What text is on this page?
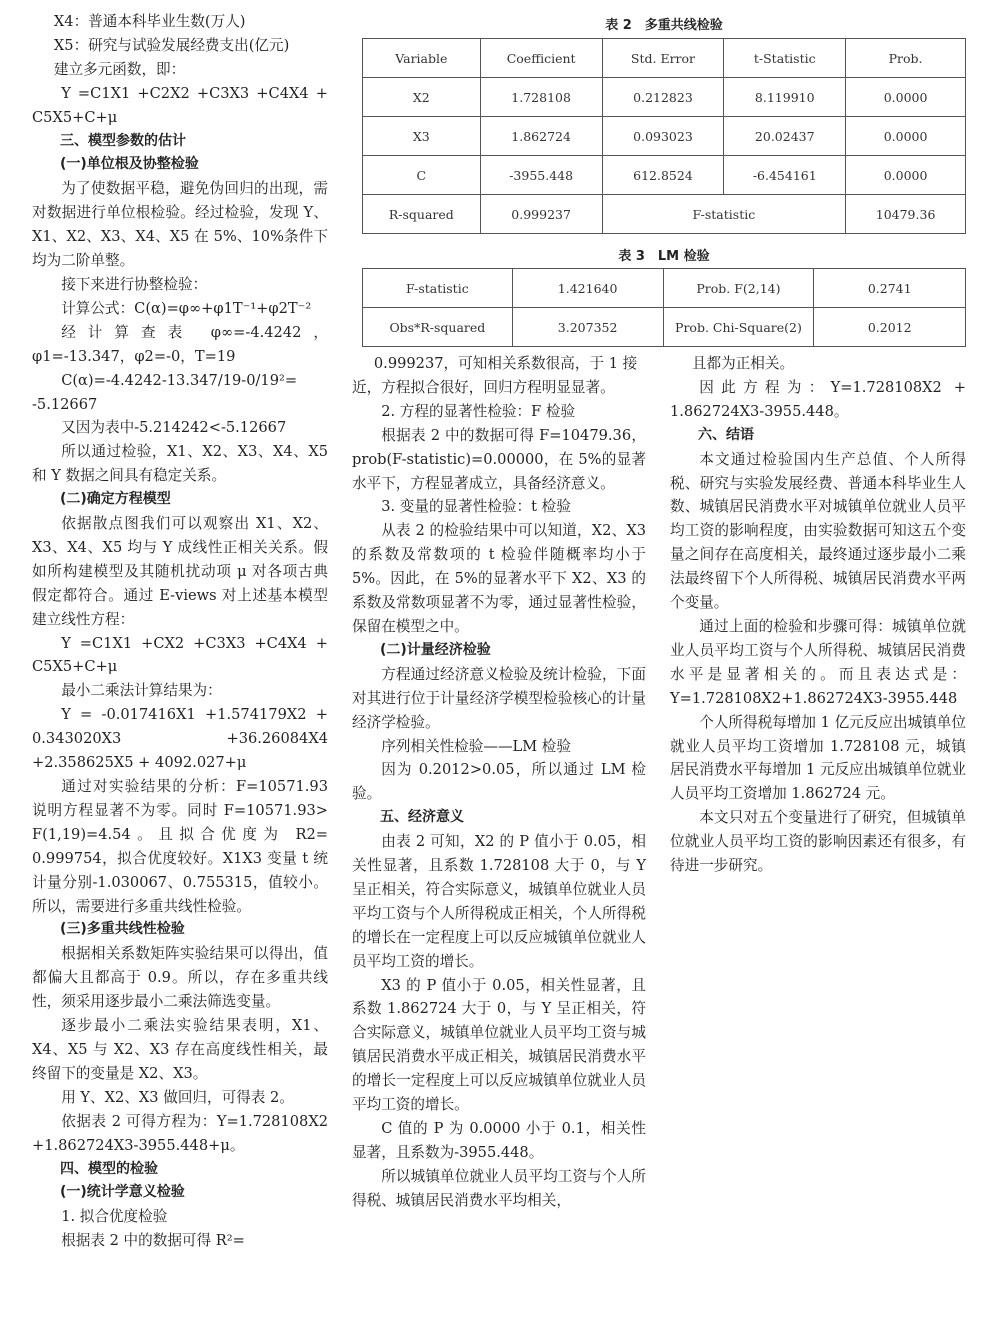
X4：普通本科毕业生数(万人)

X5：研究与试验发展经费支出(亿元)

建立多元函数，即：

Y =C1X1 +C2X2 +C3X3 +C4X4 + C5X5+C+μ

三、模型参数的估计

(一)单位根及协整检验

为了使数据平稳，避免伪回归的出现，需对数据进行单位根检验。经过检验，发现 Y、X1、X2、X3、X4、X5 在 5%、10%条件下均为二阶单整。

接下来进行协整检验：

计算公式：C(α)=φ∞+φ1T⁻¹+φ2T⁻²

经计算查表 φ∞=-4.4242，φ1=-13.347，φ2=-0，T=19

C(α)=-4.4242-13.347/19-0/19²= -5.12667

又因为表中-5.214242<-5.12667

所以通过检验，X1、X2、X3、X4、X5 和 Y 数据之间具有稳定关系。

(二)确定方程模型

依据散点图我们可以观察出 X1、X2、X3、X4、X5 均与 Y 成线性正相关关系。假如所构建模型及其随机扰动项 μ 对各项古典假定都符合。通过 E-views 对上述基本模型建立线性方程：

Y =C1X1 +CX2 +C3X3 +C4X4 + C5X5+C+μ

最小二乘法计算结果为：

Y = -0.017416X1 +1.574179X2 + 0.343020X3 +36.26084X4 +2.358625X5 + 4092.027+μ

通过对实验结果的分析：F=10571.93 说明方程显著不为零。同时 F=10571.93> F(1,19)=4.54。且拟合优度为 R2= 0.999754，拟合优度较好。X1X3 变量 t 统计量分别-1.030067、0.755315，值较小。所以，需要进行多重共线性检验。

(三)多重共线性检验

根据相关系数矩阵实验结果可以得出，值都偏大且都高于 0.9。所以，存在多重共线性，须采用逐步最小二乘法筛选变量。

逐步最小二乘法实验结果表明，X1、X4、X5 与 X2、X3 存在高度线性相关，最终留下的变量是 X2、X3。

用 Y、X2、X3 做回归，可得表 2。

依据表 2 可得方程为：Y=1.728108X2 +1.862724X3-3955.448+μ。

四、模型的检验

(一)统计学意义检验

1. 拟合优度检验

根据表 2 中的数据可得 R²=

0.999237，可知相关系数很高，于 1 接近，方程拟合很好，回归方程明显显著。

2. 方程的显著性检验：F 检验

根据表 2 中的数据可得 F=10479.36，prob(F-statistic)=0.00000，在 5%的显著水平下，方程显著成立，具备经济意义。

3. 变量的显著性检验：t 检验

从表 2 的检验结果中可以知道，X2、X3 的系数及常数项的 t 检验伴随概率均小于 5%。因此，在 5%的显著水平下 X2、X3 的系数及常数项显著不为零，通过显著性检验，保留在模型之中。

(二)计量经济检验

方程通过经济意义检验及统计检验，下面对其进行位于计量经济学模型检验核心的计量经济学检验。

序列相关性检验——LM 检验

因为 0.2012>0.05，所以通过 LM 检验。

五、经济意义

由表 2 可知，X2 的 P 值小于 0.05，相关性显著，且系数 1.728108 大于 0，与 Y 呈正相关，符合实际意义，城镇单位就业人员平均工资与个人所得税成正相关，个人所得税的增长在一定程度上可以反应城镇单位就业人员平均工资的增长。

X3 的 P 值小于 0.05，相关性显著，且系数 1.862724 大于 0，与 Y 呈正相关，符合实际意义，城镇单位就业人员平均工资与城镇居民消费水平成正相关，城镇居民消费水平的增长一定程度上可以反应城镇单位就业人员平均工资的增长。

C 值的 P 为 0.0000 小于 0.1，相关性显著，且系数为-3955.448。

所以城镇单位就业人员平均工资与个人所得税、城镇居民消费水平均相关，

且都为正相关。

因此方程为：Y=1.728108X2 + 1.862724X3-3955.448。

六、结语

本文通过检验国内生产总值、个人所得税、研究与实验发展经费、普通本科毕业生人数、城镇居民消费水平对城镇单位就业人员平均工资的影响程度，由实验数据可知这五个变量之间存在高度相关，最终通过逐步最小二乘法最终留下个人所得税、城镇居民消费水平两个变量。

通过上面的检验和步骤可得：城镇单位就业人员平均工资与个人所得税、城镇居民消费水平是显著相关的。而且表达式是：Y=1.728108X2+1.862724X3-3955.448

个人所得税每增加 1 亿元反应出城镇单位就业人员平均工资增加 1.728108 元，城镇居民消费水平每增加 1 元反应出城镇单位就业人员平均工资增加 1.862724 元。

本文只对五个变量进行了研究，但城镇单位就业人员平均工资的影响因素还有很多，有待进一步研究。

表 2　多重共线检验
Variable	Coefficient	Std. Error	t-Statistic	Prob.
X2	1.728108	0.212823	8.119910	0.0000
X3	1.862724	0.093023	20.02437	0.0000
C	-3955.448	612.8524	-6.454161	0.0000
R-squared	0.999237	F-statistic		10479.36
表 3　LM 检验
F-statistic	1.421640	Prob. F(2,14)	0.2741
Obs*R-squared	3.207352	Prob. Chi-Square(2)	0.2012
